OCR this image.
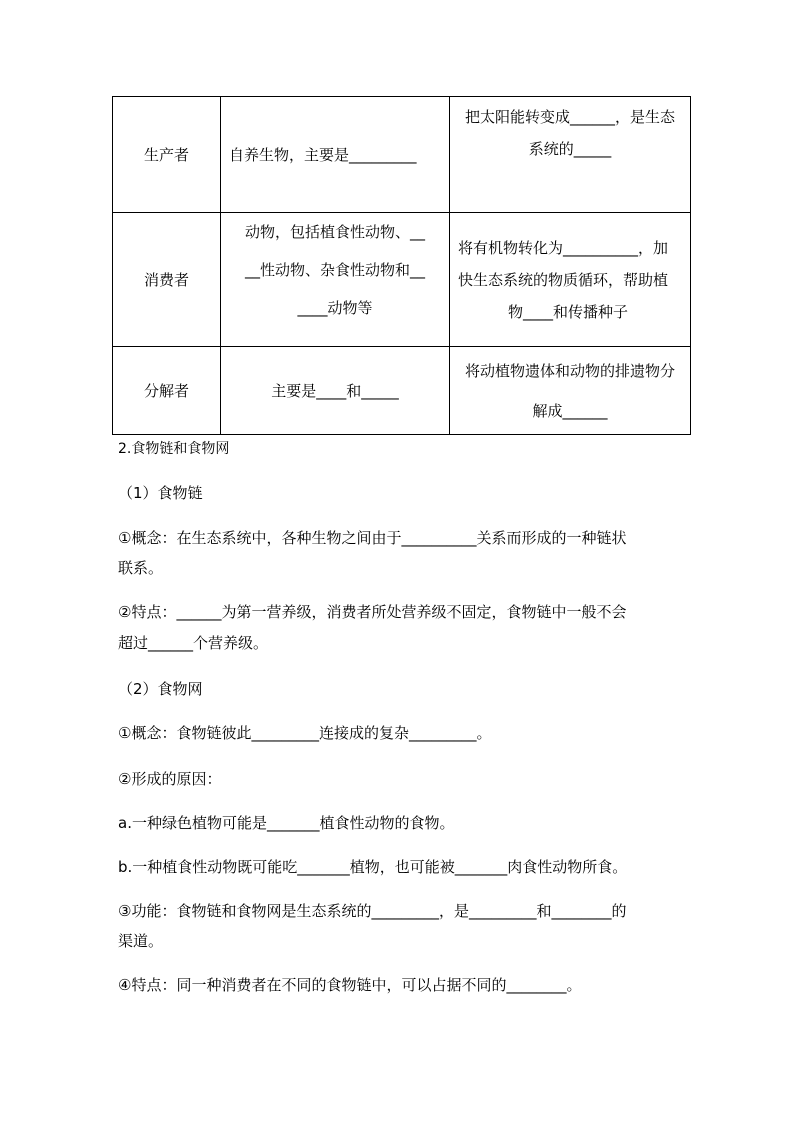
生产者	自养生物，主要是_________	把太阳能转变成______，是生态
系统的_____

消费者	动物，包括植食性动物、__
__性动物、杂食性动物和__
____动物等	将有机物转化为__________，加
快生态系统的物质循环，帮助植
物____和传播种子

分解者	主要是____和_____	将动植物遗体和动物的排遗物分
解成______
2.食物链和食物网
（1）食物链
①概念：在生态系统中，各种生物之间由于__________关系而形成的一种链状
联系。
②特点：______为第一营养级，消费者所处营养级不固定，食物链中一般不会
超过______个营养级。
（2）食物网
①概念：食物链彼此_________连接成的复杂_________。
②形成的原因：
a.一种绿色植物可能是_______植食性动物的食物。
b.一种植食性动物既可能吃_______植物，也可能被_______肉食性动物所食。
③功能：食物链和食物网是生态系统的_________，是_________和________的
渠道。
④特点：同一种消费者在不同的食物链中，可以占据不同的________。
